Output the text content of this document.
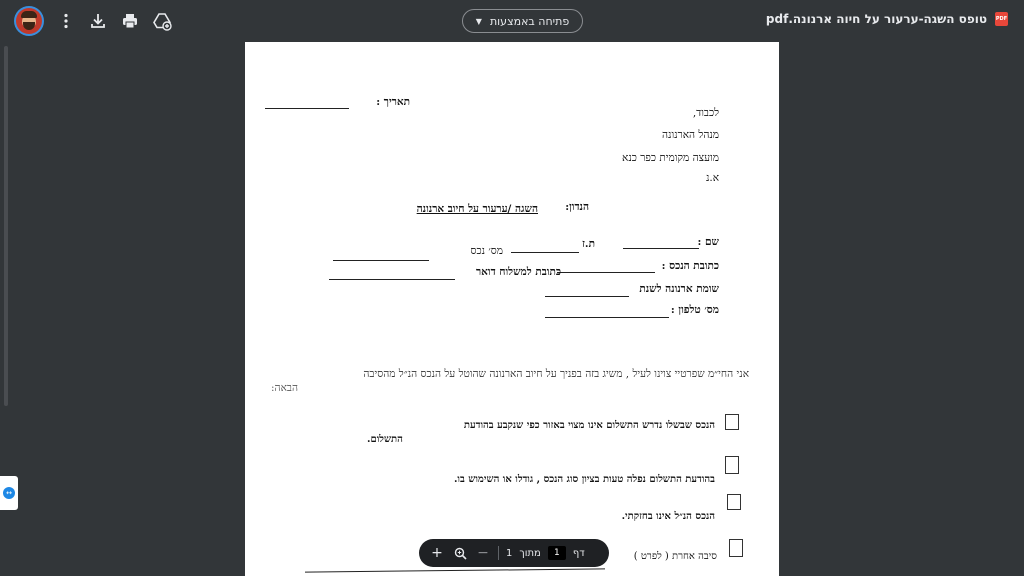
פתיחה באמצעות
▼	טופס השגה-ערעור על חיוה ארנונה.pdf PDF
↔
תאריך :
לכבוד,
מנהל הארנונה
מועצה מקומית כפר כנא
א.נ
הנדון:
השגה /ערעור על חיוב ארנונה
שם :
ת.ז
מס׳ נכס
כתובת הנכס :
כתובת למשלוח דואר
שומת ארנונה לשנת
מס׳ טלפון :
אני החי״מ שפרטיי צוינו לעיל , משיג בזה בפניך על חיוב הארנונה שהוטל על הנכס הנ״ל מהסיבה
הבאה:
הנכס שבשלו נדרש התשלום אינו מצוי באזור כפי שנקבע בהודעת
התשלום.
בהודעת התשלום נפלה טעות בציון סוג הנכס , גודלו או השימוש בו.
הנכס הנ״ל אינו בחזקתי.
סיבה אחרת ( לפרט )
+ − 1 מתוך	1	דף
